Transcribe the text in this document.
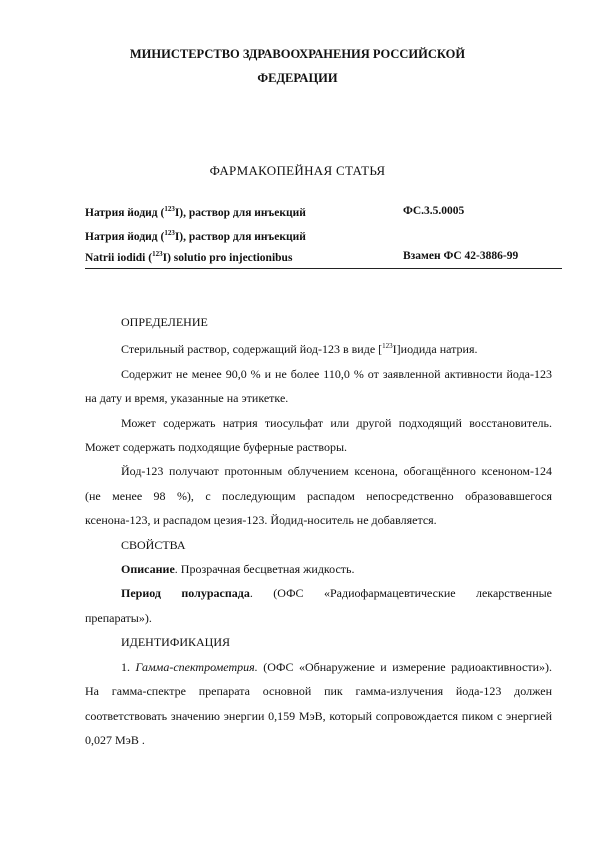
МИНИСТЕРСТВО ЗДРАВООХРАНЕНИЯ РОССИЙСКОЙ
ФЕДЕРАЦИИ
ФАРМАКОПЕЙНАЯ СТАТЬЯ
Натрия йодид ($^{123}$I), раствор для инъекций	ФС.3.5.0005
Натрия йодид ($^{123}$I), раствор для инъекций
Natrii iodidi ($^{123}$I) solutio pro injectionibus	Взамен ФС 42-3886-99

ОПРЕДЕЛЕНИЕ

Стерильный раствор, содержащий йод-123 в виде [$^{123}$I]иодида натрия.

Содержит не менее 90,0 % и не более 110,0 % от заявленной активности йода-123 на дату и время, указанные на этикетке.

Может содержать натрия тиосульфат или другой подходящий восстановитель. Может содержать подходящие буферные растворы.

Йод-123 получают протонным облучением ксенона, обогащённого ксеноном-124 (не менее 98 %), с последующим распадом непосредственно образовавшегося ксенона-123, и распадом цезия-123. Йодид-носитель не добавляется.

СВОЙСТВА

Описание. Прозрачная бесцветная жидкость.

Период полураспада. (ОФС «Радиофармацевтические лекарственные препараты»).

ИДЕНТИФИКАЦИЯ

1. Гамма-спектрометрия. (ОФС «Обнаружение и измерение радиоактивности»). На гамма-спектре препарата основной пик гамма-излучения йода-123 должен соответствовать значению энергии 0,159 МэВ, который сопровождается пиком с энергией 0,027 МэВ .
